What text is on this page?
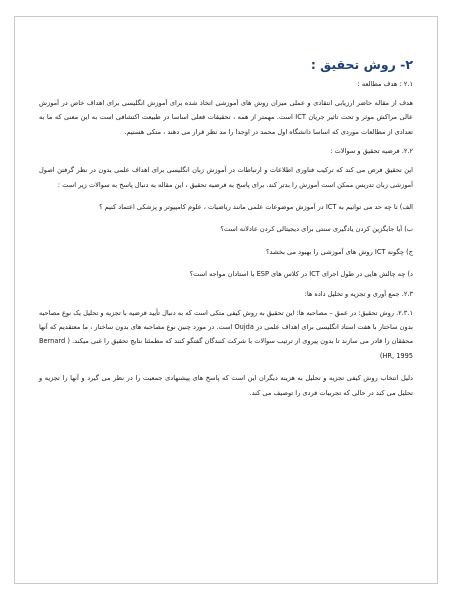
۲- روش تحقیق :
۲.۱ : هدف مطالعه :
هدف از مقاله حاضر ارزیابی انتقادی و عملی میزان روش های آموزشی اتخاذ شده برای آموزش انگلیسی برای اهداف خاص در آموزش عالی مراکش موثر و تحت تاثیر جریان ICT است. مهمتر از همه ، تحقیقات فعلی اساسا در طبیعت اکتشافی است به این معنی که ما به تعدادی از مطالعات موردی که اساسا دانشگاه اول محمد در اوجدا را مد نظر قرار می دهند ، متکی هستیم.
۲.۲. فرضیه تحقیق و سوالات :
این تحقیق فرض می کند که ترکیب فناوری اطلاعات و ارتباطات در آموزش زبان انگلیسی برای اهداف علمی بدون در نظر گرفتن اصول آموزشی زبان تدریس ممکن است آموزش را بدتر کند. برای پاسخ به فرضیه تحقیق ، این مقاله به دنبال پاسخ به سوالات زیر است :
الف) تا چه حد می توانیم به ICT در آموزش موضوعات علمی مانند ریاضیات ، علوم کامپیوتر و پزشکی اعتماد کنیم ؟
ب) آیا جایگزین کردن یادگیری سنتی برای دیجیتالی کردن عادلانه است؟
ج) چگونه ICT روش های آموزشی را بهبود می بخشد؟
د) چه چالش هایی در طول اجرای ICT در کلاس های ESP با استادان مواجه است؟
۲.۳. جمع آوری و تجزیه و تحلیل داده ها:
۲.۳.۱. روش تحقیق: در عمق – مصاحبه ها: این تحقیق به روش کیفی متکی است که به دنبال تأیید فرضیه با تجزیه و تحلیل یک نوع مصاحبه بدون ساختار با هفت استاد انگلیسی برای اهداف علمی در Oujda است. در مورد چنین نوع مصاحبه های بدون ساختار ، ما معتقدیم که آنها محققان را قادر می سازند تا بدون پیروی از ترتیب سوالات با شرکت کنندگان گفتگو کنند که مطمئنا نتایج تحقیق را غنی میکند. ( Bernard (HR, 1995
دلیل انتخاب روش کیفی تجزیه و تحلیل به هزینه دیگران این است که پاسخ های پیشنهادی جمعیت را در نظر می گیرد و آنها را تجزیه و تحلیل می کند در حالی که تجربیات فردی را توصیف می کند.
